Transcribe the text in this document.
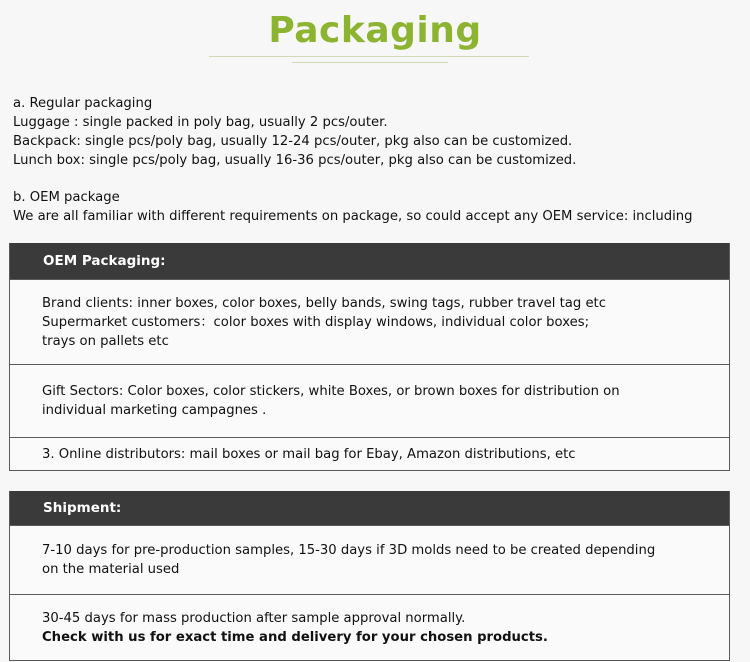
Packaging
a. Regular packaging
Luggage : single packed in poly bag, usually 2 pcs/outer.
Backpack: single pcs/poly bag, usually 12-24 pcs/outer, pkg also can be customized.
Lunch box: single pcs/poly bag, usually 16-36 pcs/outer, pkg also can be customized.
b. OEM package
We are all familiar with different requirements on package, so could accept any OEM service: including
OEM Packaging:
Brand clients: inner boxes, color boxes, belly bands, swing tags, rubber travel tag etc
Supermarket customers：color boxes with display windows, individual color boxes;
trays on pallets etc
Gift Sectors: Color boxes, color stickers, white Boxes, or brown boxes for distribution on
individual marketing campagnes .
3. Online distributors: mail boxes or mail bag for Ebay, Amazon distributions, etc
Shipment:
7-10 days for pre-production samples, 15-30 days if 3D molds need to be created depending
on the material used
30-45 days for mass production after sample approval normally.
Check with us for exact time and delivery for your chosen products.
